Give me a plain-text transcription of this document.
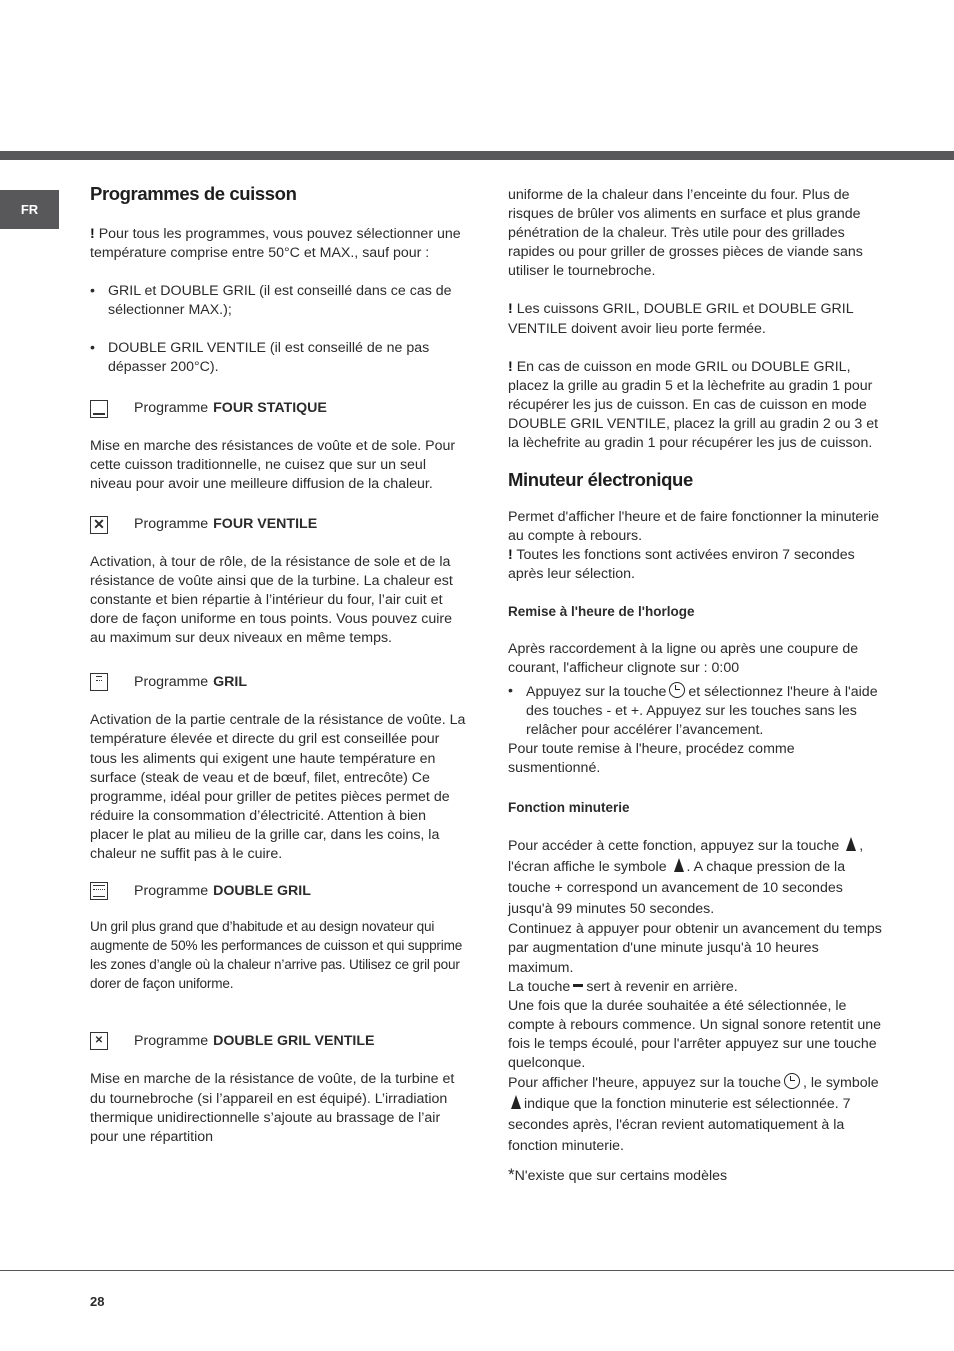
FR
Programmes de cuisson

! Pour tous les programmes, vous pouvez sélectionner une température comprise entre 50°C et MAX., sauf pour :

• GRIL et DOUBLE GRIL (il est conseillé dans ce cas de sélectionner MAX.);

• DOUBLE GRIL VENTILE (il est conseillé de ne pas dépasser 200°C).

Programme FOUR STATIQUE

Mise en marche des résistances de voûte et de sole. Pour cette cuisson traditionnelle, ne cuisez que sur un seul niveau pour avoir une meilleure diffusion de la chaleur.

✕ Programme FOUR VENTILE

Activation, à tour de rôle, de la résistance de sole et de la résistance de voûte ainsi que de la turbine. La chaleur est constante et bien répartie à l’intérieur du four, l’air cuit et dore de façon uniforme en tous points. Vous pouvez cuire au maximum sur deux niveaux en même temps.

Programme GRIL

Activation de la partie centrale de la résistance de voûte. La température élevée et directe du gril est conseillée pour tous les aliments qui exigent une haute température en surface (steak de veau et de bœuf, filet, entrecôte) Ce programme, idéal pour griller de petites pièces permet de réduire la consommation d’électricité. Attention à bien placer le plat au milieu de la grille car, dans les coins, la chaleur ne suffit pas à le cuire.

Programme DOUBLE GRIL

Un gril plus grand que d’habitude et au design novateur qui augmente de 50% les performances de cuisson et qui supprime les zones d’angle où la chaleur n’arrive pas. Utilisez ce gril pour dorer de façon uniforme.

✕	Programme DOUBLE GRIL VENTILE

Mise en marche de la résistance de voûte, de la turbine et du tournebroche (si l’appareil en est équipé). L’irradiation thermique unidirectionnelle s’ajoute au brassage de l’air pour une répartition

uniforme de la chaleur dans l’enceinte du four. Plus de risques de brûler vos aliments en surface et plus grande pénétration de la chaleur. Très utile pour des grillades rapides ou pour griller de grosses pièces de viande sans utiliser le tournebroche.

! Les cuissons GRIL, DOUBLE GRIL et DOUBLE GRIL VENTILE doivent avoir lieu porte fermée.

! En cas de cuisson en mode GRIL ou DOUBLE GRIL, placez la grille au gradin 5 et la lèchefrite au gradin 1 pour récupérer les jus de cuisson. En cas de cuisson en mode DOUBLE GRIL VENTILE, placez la grill au gradin 2 ou 3 et la lèchefrite au gradin 1 pour récupérer les jus de cuisson.

Minuteur électronique

Permet d'afficher l'heure et de faire fonctionner la minuterie au compte à rebours.

! Toutes les fonctions sont activées environ 7 secondes après leur sélection.

Remise à l'heure de l'horloge

Après raccordement à la ligne ou après une coupure de courant, l'afficheur clignote sur : 0:00

• Appuyez sur la touche et sélectionnez l'heure à l'aide des touches - et +. Appuyez sur les touches sans les relâcher pour accélérer l’avancement.

Pour toute remise à l'heure, procédez comme susmentionné.

Fonction minuterie

Pour accéder à cette fonction, appuyez sur la touche , l'écran affiche le symbole . A chaque pression de la touche + correspond un avancement de 10 secondes jusqu'à 99 minutes 50 secondes.

Continuez à appuyer pour obtenir un avancement du temps par augmentation d'une minute jusqu'à 10 heures maximum.

La touche sert à revenir en arrière.

Une fois que la durée souhaitée a été sélectionnée, le compte à rebours commence. Un signal sonore retentit une fois le temps écoulé, pour l'arrêter appuyez sur une touche quelconque.

Pour afficher l'heure, appuyez sur la touche , le symbole indique que la fonction minuterie est sélectionnée. 7 secondes après, l'écran revient automatiquement à la fonction minuterie.

*N'existe que sur certains modèles

28
